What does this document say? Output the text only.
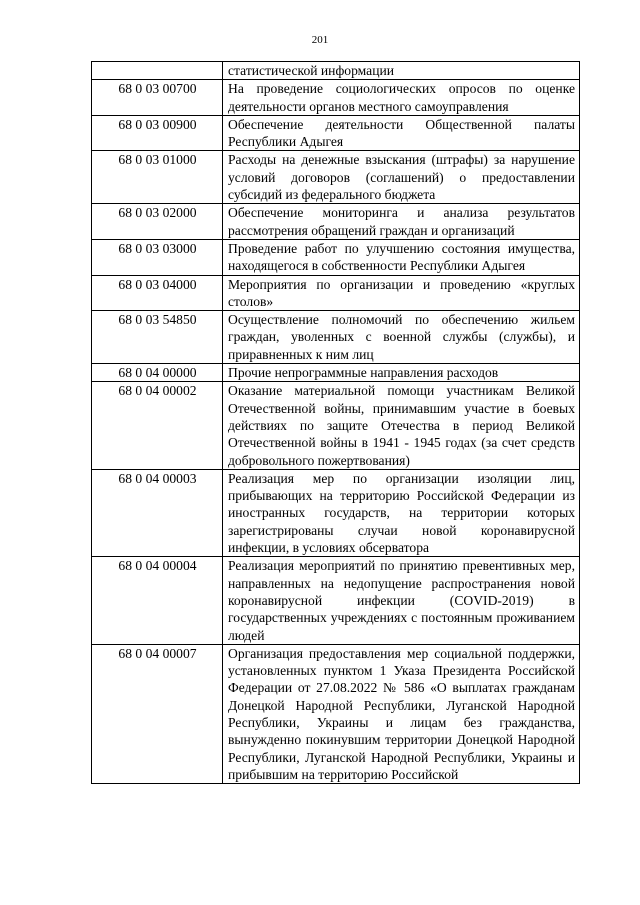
201
	статистической информации
68 0 03 00700	На проведение социологических опросов по оценке деятельности органов местного самоуправления
68 0 03 00900	Обеспечение деятельности Общественной палаты Республики Адыгея
68 0 03 01000	Расходы на денежные взыскания (штрафы) за нарушение условий договоров (соглашений) о предоставлении субсидий из федерального бюджета
68 0 03 02000	Обеспечение мониторинга и анализа результатов рассмотрения обращений граждан и организаций
68 0 03 03000	Проведение работ по улучшению состояния имущества, находящегося в собственности Республики Адыгея
68 0 03 04000	Мероприятия по организации и проведению «круглых столов»
68 0 03 54850	Осуществление полномочий по обеспечению жильем граждан, уволенных с военной службы (службы), и приравненных к ним лиц
68 0 04 00000	Прочие непрограммные направления расходов
68 0 04 00002	Оказание материальной помощи участникам Великой Отечественной войны, принимавшим участие в боевых действиях по защите Отечества в период Великой Отечественной войны в 1941 - 1945 годах (за счет средств добровольного пожертвования)
68 0 04 00003	Реализация мер по организации изоляции лиц, прибывающих на территорию Российской Федерации из иностранных государств, на территории которых зарегистрированы случаи новой коронавирусной инфекции, в условиях обсерватора
68 0 04 00004	Реализация мероприятий по принятию превентивных мер, направленных на недопущение распространения новой коронавирусной инфекции (COVID-2019) в государственных учреждениях с постоянным проживанием людей
68 0 04 00007	Организация предоставления мер социальной поддержки, установленных пунктом 1 Указа Президента Российской Федерации от 27.08.2022 № 586 «О выплатах гражданам Донецкой Народной Республики, Луганской Народной Республики, Украины и лицам без гражданства, вынужденно покинувшим территории Донецкой Народной Республики, Луганской Народной Республики, Украины и прибывшим на территорию Российской
